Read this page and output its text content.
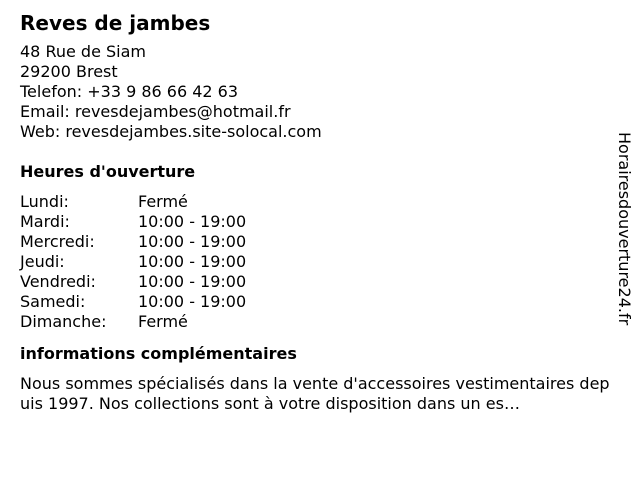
Reves de jambes
48 Rue de Siam
29200 Brest
Telefon: +33 9 86 66 42 63
Email: revesdejambes@hotmail.fr
Web: revesdejambes.site-solocal.com
Heures d'ouverture
Lundi:	Fermé
Mardi:	10:00 - 19:00
Mercredi:	10:00 - 19:00
Jeudi:	10:00 - 19:00
Vendredi:	10:00 - 19:00
Samedi:	10:00 - 19:00
Dimanche:	Fermé
informations complémentaires
Nous sommes spécialisés dans la vente d'accessoires vestimentaires depuis 1997. Nos collections sont à votre disposition dans un es…
Horairesdouverture24.fr
